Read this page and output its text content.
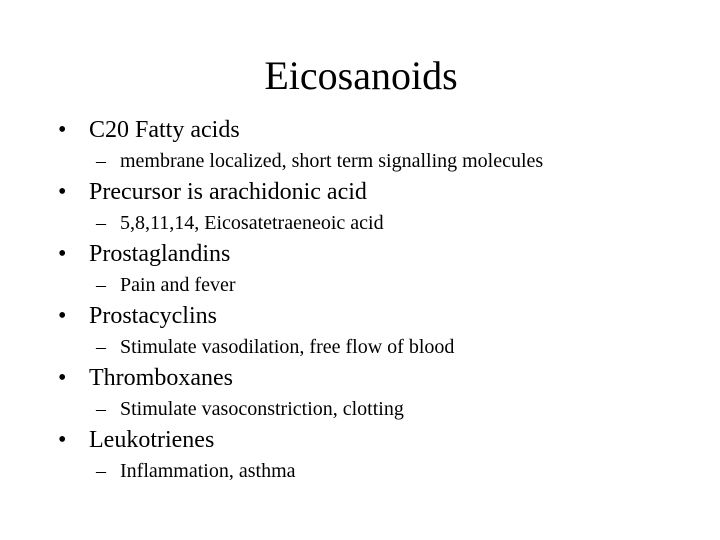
Eicosanoids
• C20 Fatty acids
– membrane localized, short term signalling molecules
• Precursor is arachidonic acid
– 5,8,11,14, Eicosatetraeneoic acid
• Prostaglandins
– Pain and fever
• Prostacyclins
– Stimulate vasodilation, free flow of blood
• Thromboxanes
– Stimulate vasoconstriction, clotting
• Leukotrienes
– Inflammation, asthma
